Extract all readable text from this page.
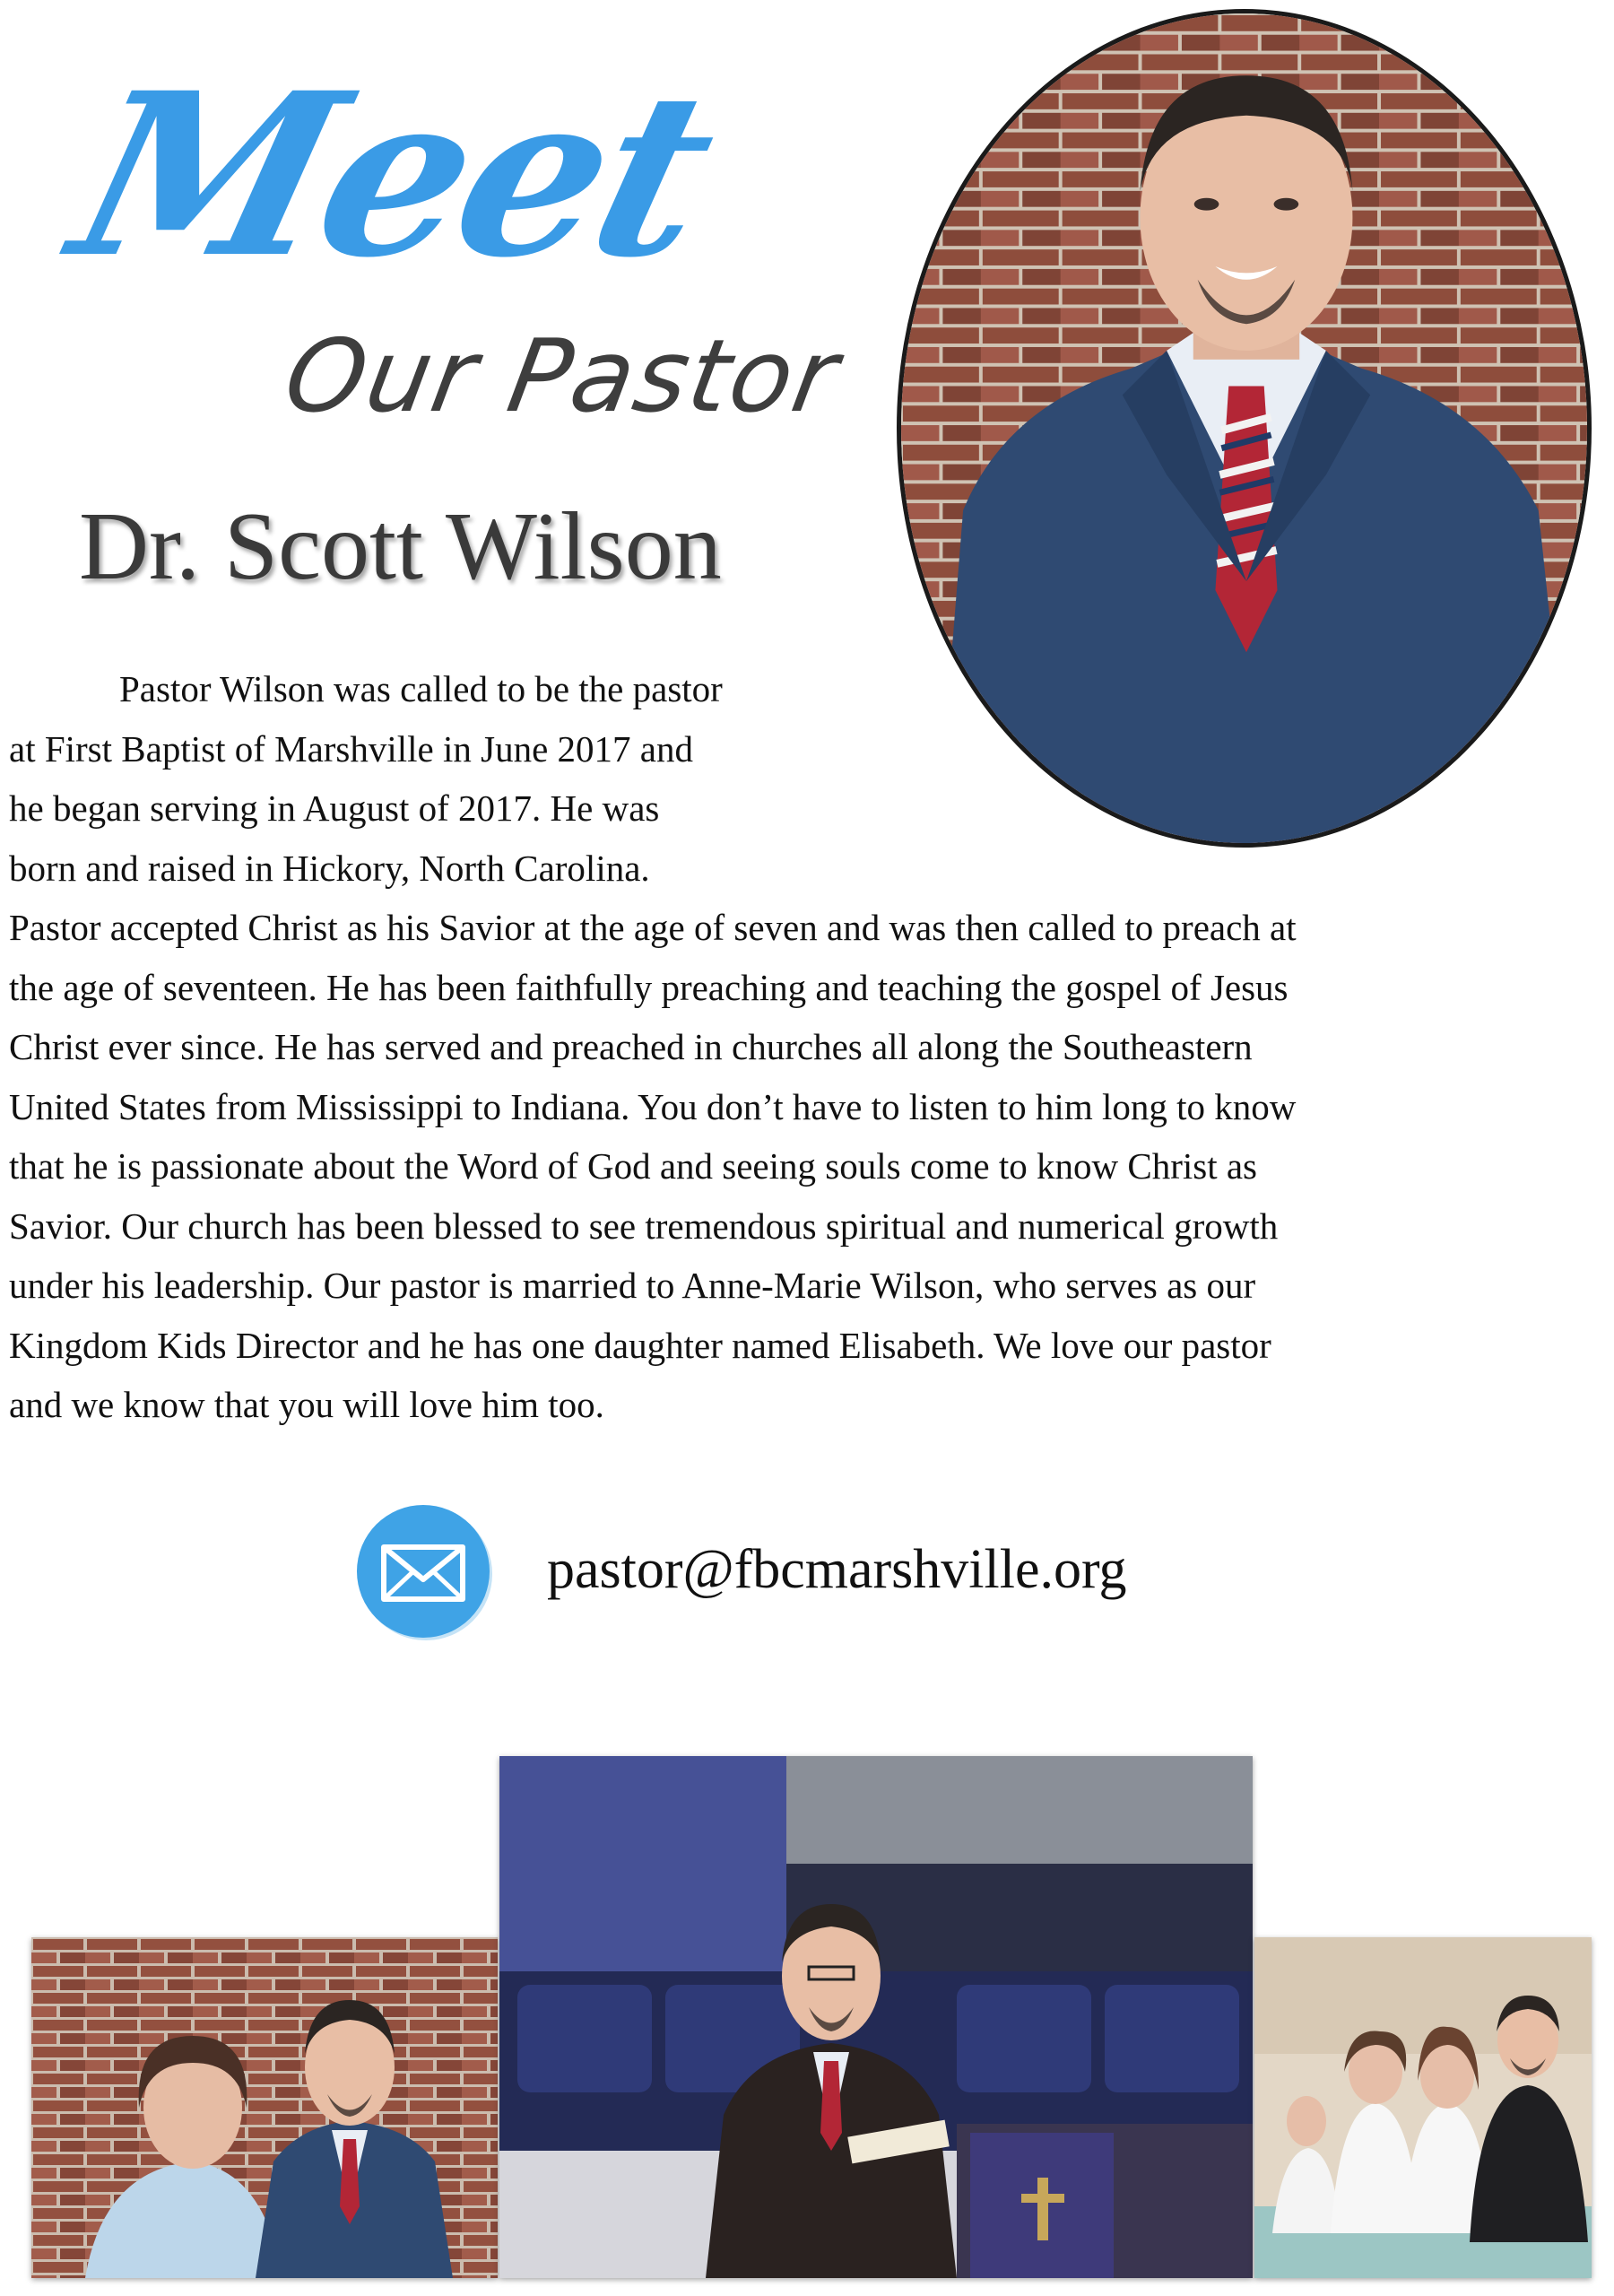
Meet
Our Pastor
Dr. Scott Wilson
Pastor Wilson was called to be the pastor
at First Baptist of Marshville in June 2017 and
he began serving in August of 2017. He was
born and raised in Hickory, North Carolina.
Pastor accepted Christ as his Savior at the age of seven and was then called to preach at
the age of seventeen. He has been faithfully preaching and teaching the gospel of Jesus
Christ ever since. He has served and preached in churches all along the Southeastern
United States from Mississippi to Indiana. You don’t have to listen to him long to know
that he is passionate about the Word of God and seeing souls come to know Christ as
Savior. Our church has been blessed to see tremendous spiritual and numerical growth
under his leadership. Our pastor is married to Anne-Marie Wilson, who serves as our
Kingdom Kids Director and he has one daughter named Elisabeth. We love our pastor
and we know that you will love him too.
pastor@fbcmarshville.org
